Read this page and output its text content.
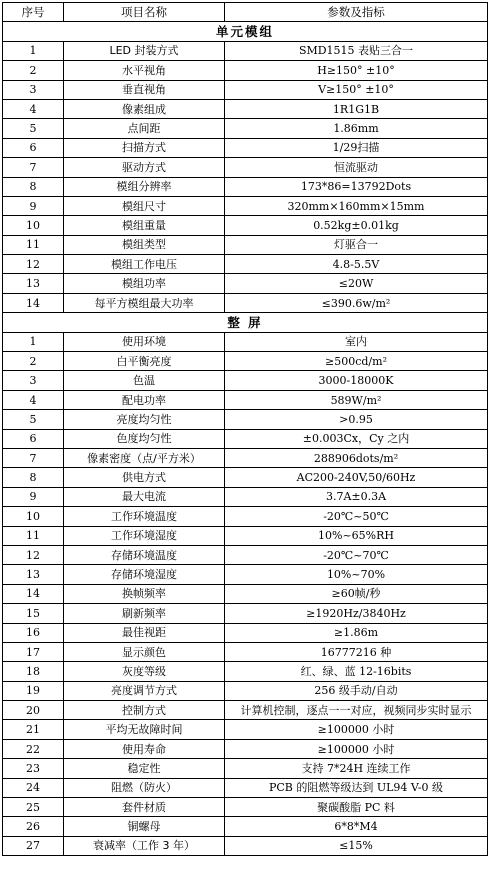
序号	项目名称	参数及指标
单元模组		
1	LED 封装方式	SMD1515 表贴三合一
2	水平视角	H≥150° ±10°
3	垂直视角	V≥150° ±10°
4	像素组成	1R1G1B
5	点间距	1.86mm
6	扫描方式	1/29扫描
7	驱动方式	恒流驱动
8	模组分辨率	173*86=13792Dots
9	模组尺寸	320mm×160mm×15mm
10	模组重量	0.52kg±0.01kg
11	模组类型	灯驱合一
12	模组工作电压	4.8-5.5V
13	模组功率	≤20W
14	每平方模组最大功率	≤390.6w/m²
整 屏		
1	使用环境	室内
2	白平衡亮度	≥500cd/m²
3	色温	3000-18000K
4	配电功率	589W/m²
5	亮度均匀性	>0.95
6	色度均匀性	±0.003Cx，Cy 之内
7	像素密度（点/平方米）	288906dots/m²
8	供电方式	AC200-240V,50/60Hz
9	最大电流	3.7A±0.3A
10	工作环境温度	-20℃~50℃
11	工作环境湿度	10%~65%RH
12	存储环境温度	-20℃~70℃
13	存储环境湿度	10%~70%
14	换帧频率	≥60帧/秒
15	刷新频率	≥1920Hz/3840Hz
16	最佳视距	≥1.86m
17	显示颜色	16777216 种
18	灰度等级	红、绿、蓝 12-16bits
19	亮度调节方式	256 级手动/自动
20	控制方式	计算机控制，逐点一一对应，视频同步实时显示
21	平均无故障时间	≥100000 小时
22	使用寿命	≥100000 小时
23	稳定性	支持 7*24H 连续工作
24	阻燃（防火）	PCB 的阻燃等级达到 UL94 V-0 级
25	套件材质	聚碳酸脂 PC 料
26	铜螺母	6*8*M4
27	衰减率（工作 3 年）	≤15%
